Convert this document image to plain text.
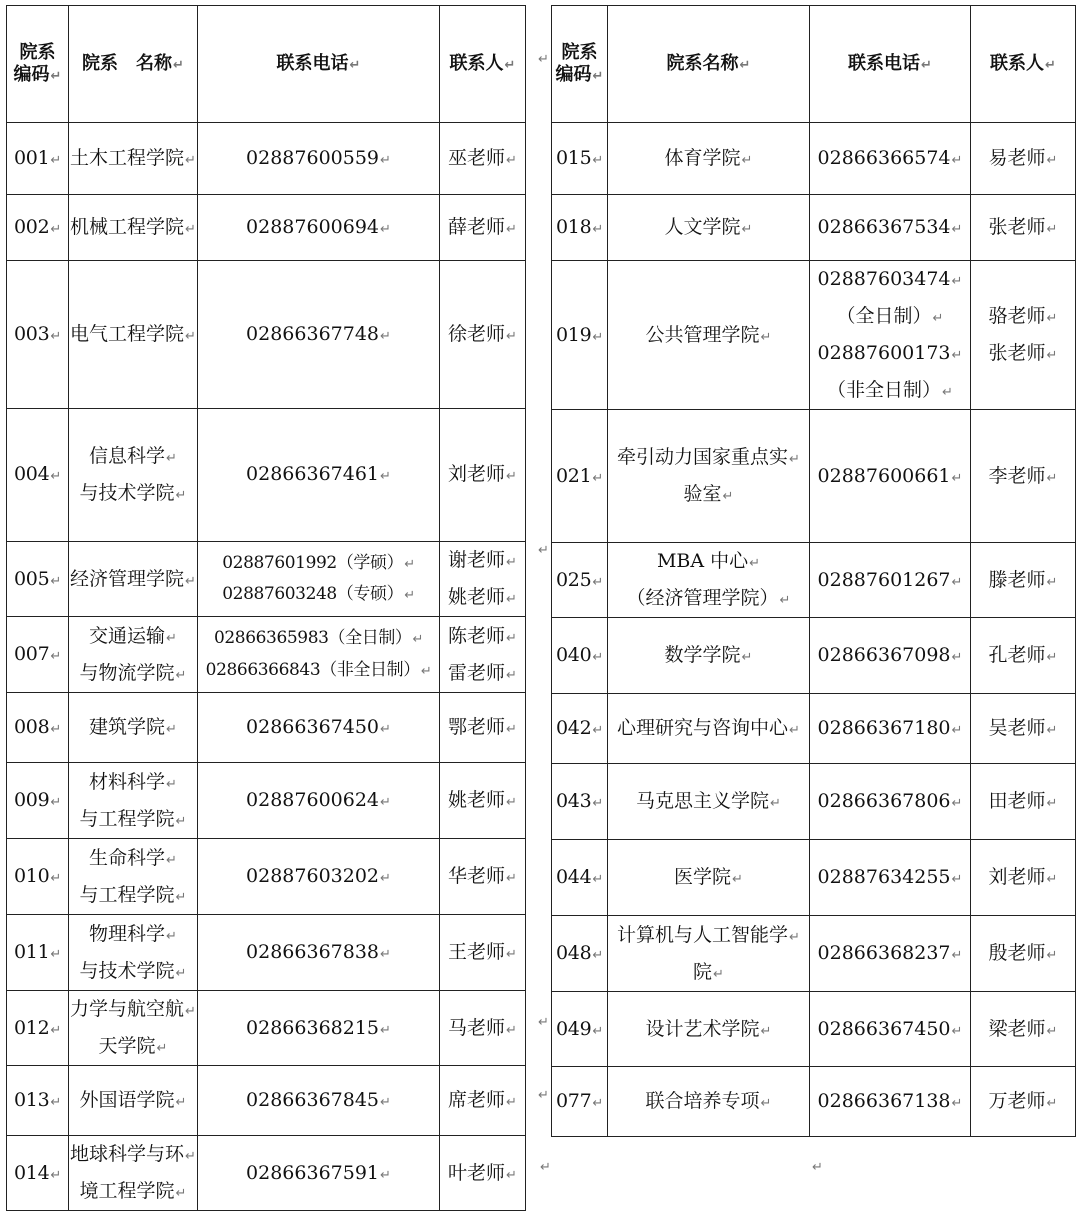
院系
编码↵	院系　名称↵	联系电话↵	联系人↵
001↵	土木工程学院↵	02887600559↵	巫老师↵

002↵	机械工程学院↵	02887600694↵	薛老师↵

003↵	电气工程学院↵	02866367748↵	徐老师↵

004↵	信息科学↵
与技术学院↵	02866367461↵	刘老师↵

005↵	经济管理学院↵	02887601992（学硕）↵
02887603248（专硕）↵	谢老师↵
姚老师↵

007↵	交通运输↵
与物流学院↵	02866365983（全日制）↵
02866366843（非全日制）↵	陈老师↵
雷老师↵

008↵	建筑学院↵	02866367450↵	鄂老师↵

009↵	材料科学↵
与工程学院↵	02887600624↵	姚老师↵

010↵	生命科学↵
与工程学院↵	02887603202↵	华老师↵

011↵	物理科学↵
与技术学院↵	02866367838↵	王老师↵

012↵	力学与航空航↵
天学院↵	02866368215↵	马老师↵

013↵	外国语学院↵	02866367845↵	席老师↵

014↵	地球科学与环↵
境工程学院↵	02866367591↵	叶老师↵
院系
编码↵	院系名称↵	联系电话↵	联系人↵
015↵	体育学院↵	02866366574↵	易老师↵

018↵	人文学院↵	02866367534↵	张老师↵

019↵	公共管理学院↵	02887603474↵
（全日制）↵
02887600173↵
（非全日制）↵	骆老师↵
张老师↵

021↵	牵引动力国家重点实↵
验室↵	02887600661↵	李老师↵

025↵	MBA 中心↵
（经济管理学院）↵	02887601267↵	滕老师↵

040↵	数学学院↵	02866367098↵	孔老师↵

042↵	心理研究与咨询中心↵	02866367180↵	吴老师↵

043↵	马克思主义学院↵	02866367806↵	田老师↵

044↵	医学院↵	02887634255↵	刘老师↵

048↵	计算机与人工智能学↵
院↵	02866368237↵	殷老师↵

049↵	设计艺术学院↵	02866367450↵	梁老师↵

077↵	联合培养专项↵	02866367138↵	万老师↵
↵
↵
↵
↵
↵	↵
